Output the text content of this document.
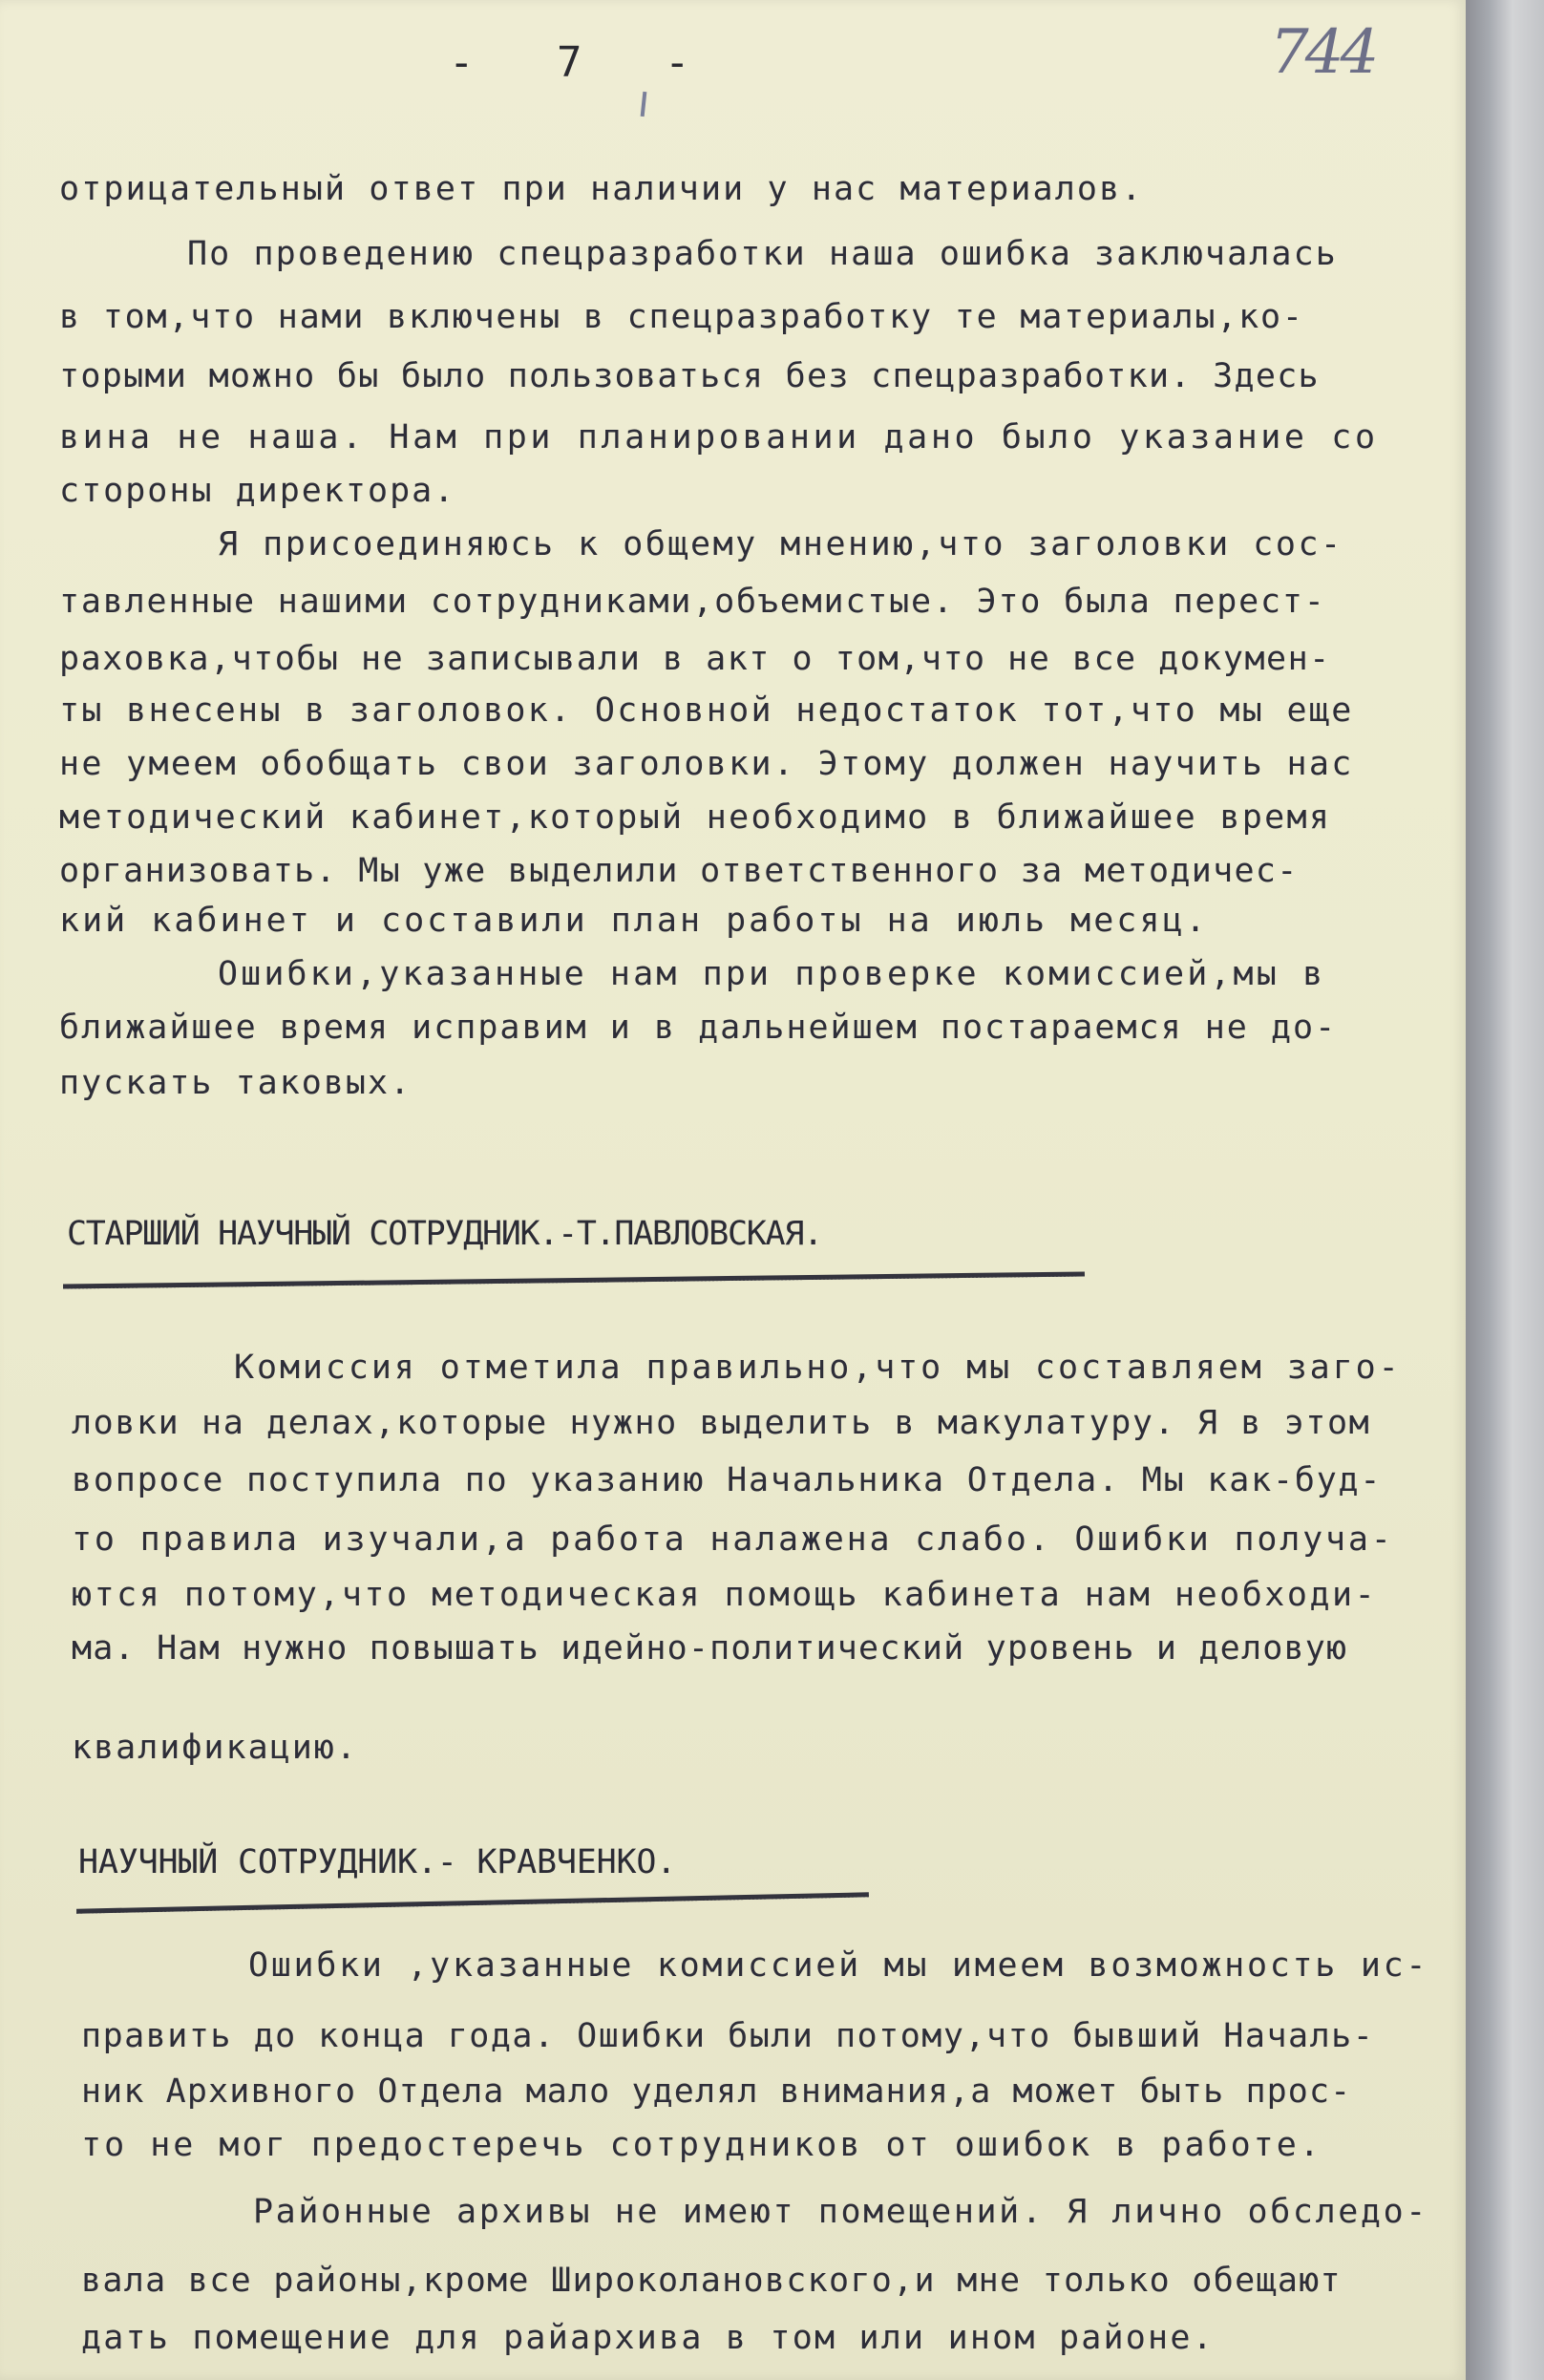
- 7 -	744
отрицательный ответ при наличии у нас материалов.
По проведению спецразработки наша ошибка заключалась
в том,что нами включены в спецразработку те материалы,ко-
торыми можно бы было пользоваться без спецразработки. Здесь
вина не наша. Нам при планировании дано было указание со
стороны директора.
Я присоединяюсь к общему мнению,что заголовки сос-
тавленные нашими сотрудниками,объемистые. Это была перест-
раховка,чтобы не записывали в акт о том,что не все докумен-
ты внесены в заголовок. Основной недостаток тот,что мы еще
не умеем обобщать свои заголовки. Этому должен научить нас
методический кабинет,который необходимо в ближайшее время
организовать. Мы уже выделили ответственного за методичес-
кий кабинет и составили план работы на июль месяц.
Ошибки,указанные нам при проверке комиссией,мы в
ближайшее время исправим и в дальнейшем постараемся не до-
пускать таковых.
СТАРШИЙ НАУЧНЫЙ СОТРУДНИК.-Т.ПАВЛОВСКАЯ.
Комиссия отметила правильно,что мы составляем заго-
ловки на делах,которые нужно выделить в макулатуру. Я в этом
вопросе поступила по указанию Начальника Отдела. Мы как-буд-
то правила изучали,а работа налажена слабо. Ошибки получа-
ются потому,что методическая помощь кабинета нам необходи-
ма. Нам нужно повышать идейно-политический уровень и деловую
квалификацию.
НАУЧНЫЙ СОТРУДНИК.- КРАВЧЕНКО.
Ошибки ,указанные комиссией мы имеем возможность ис-
править до конца года. Ошибки были потому,что бывший Началь-
ник Архивного Отдела мало уделял внимания,а может быть прос-
то не мог предостеречь сотрудников от ошибок в работе.
Районные архивы не имеют помещений. Я лично обследо-
вала все районы,кроме Широколановского,и мне только обещают
дать помещение для райархива в том или ином районе.
